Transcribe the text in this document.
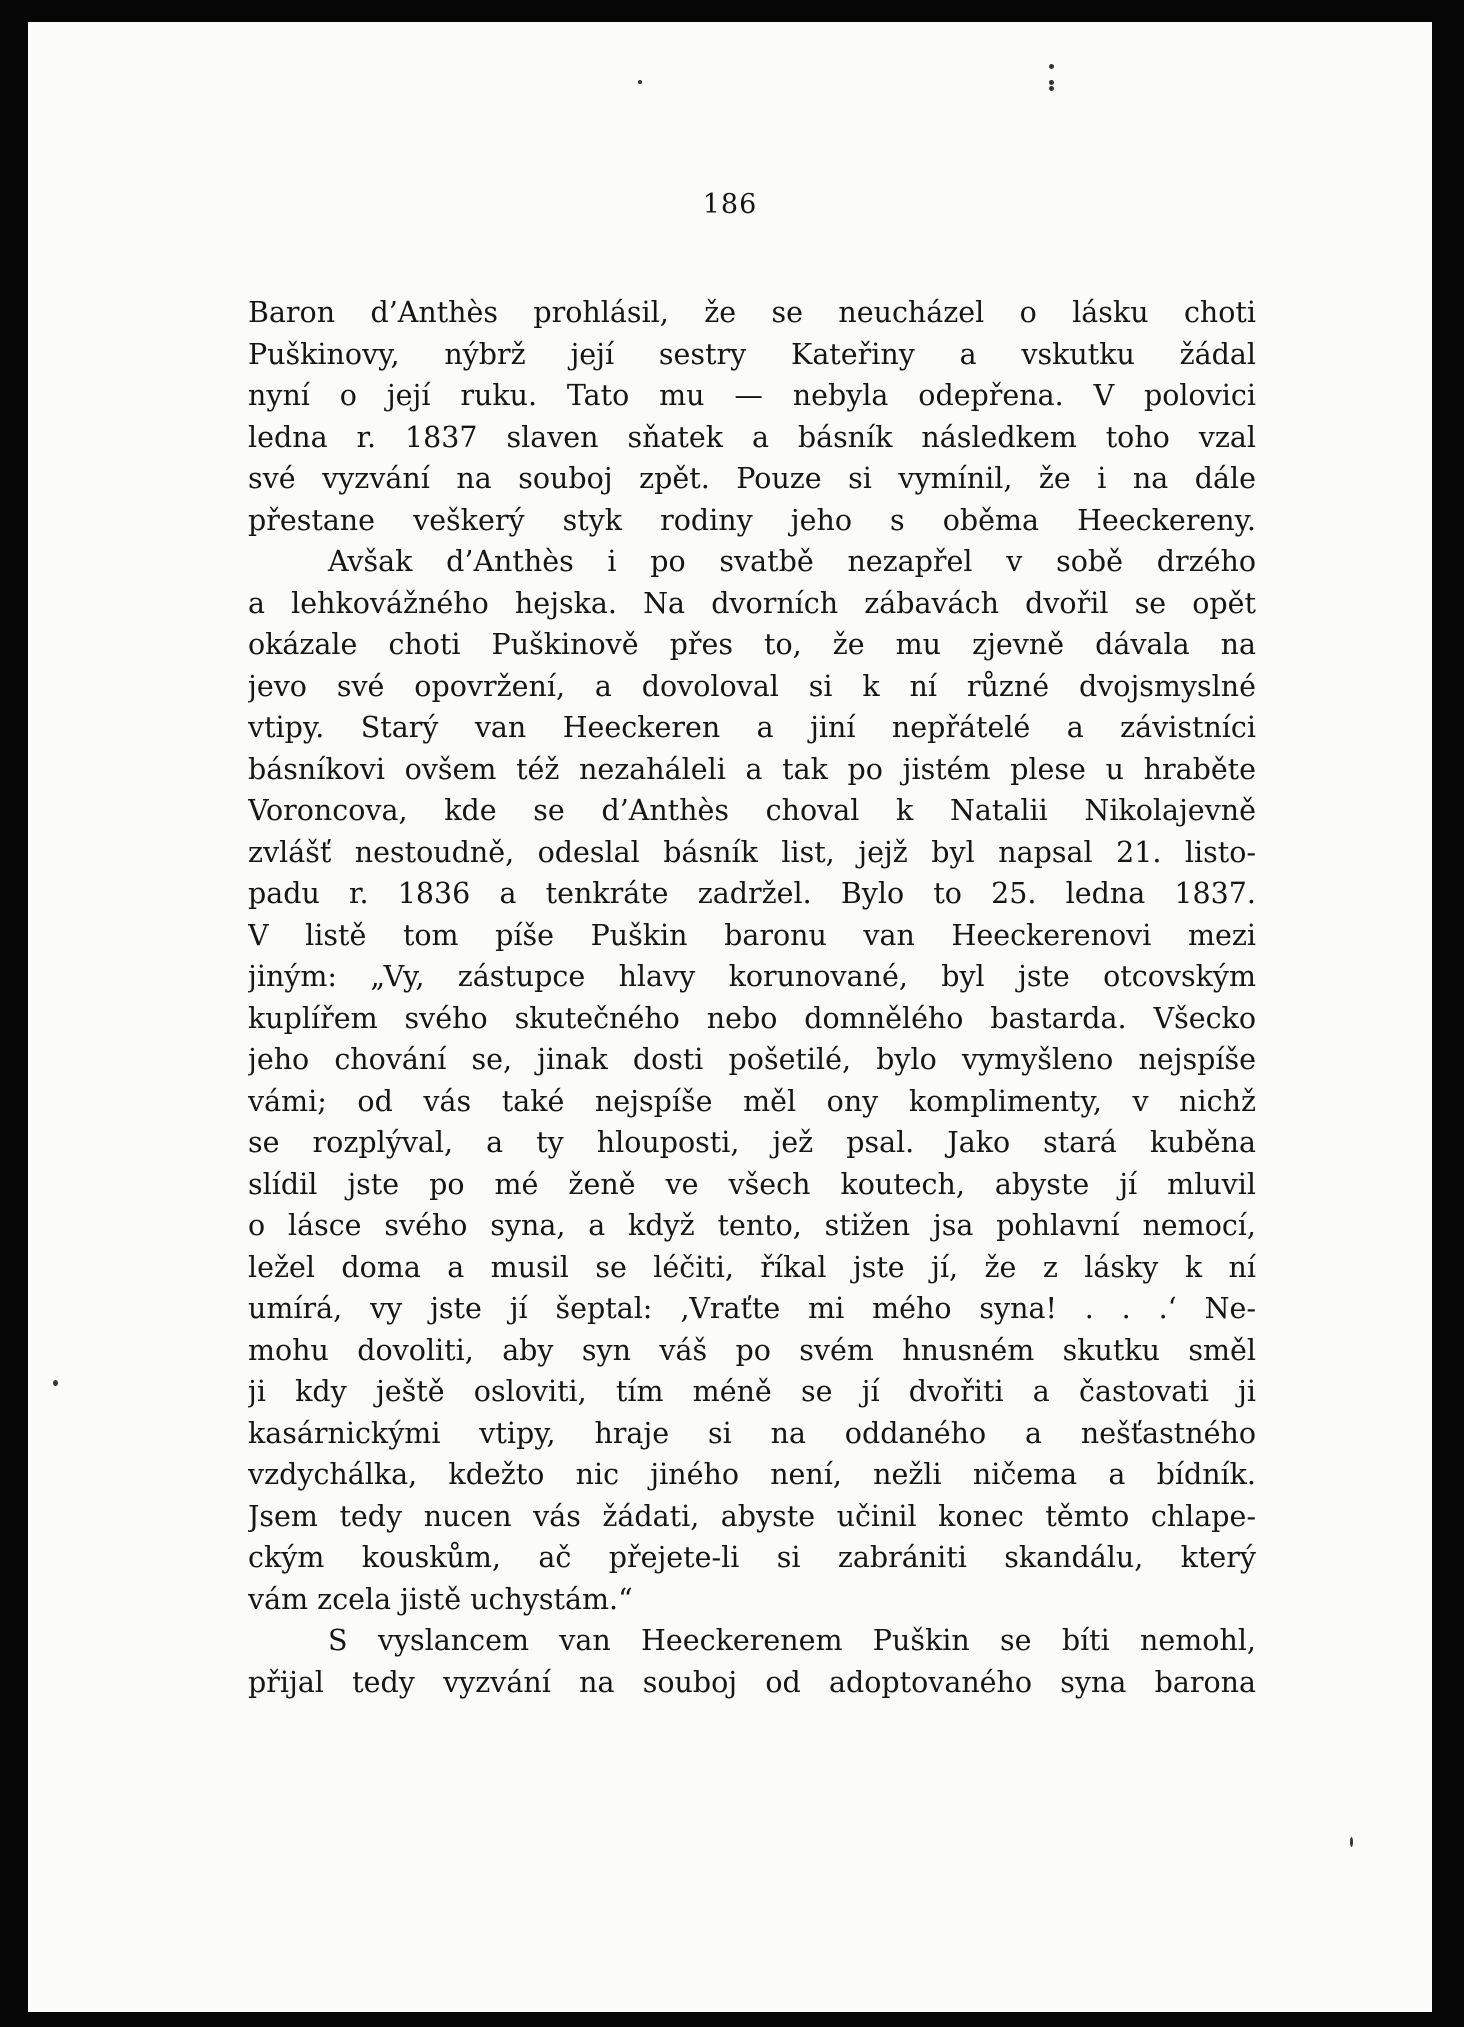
186
Baron d’Anthès prohlásil, že se neucházel o lásku choti
Puškinovy, nýbrž její sestry Kateřiny a vskutku žádal
nyní o její ruku. Tato mu — nebyla odepřena. V polovici
ledna r. 1837 slaven sňatek a básník následkem toho vzal
své vyzvání na souboj zpět. Pouze si vymínil, že i na dále
přestane veškerý styk rodiny jeho s oběma Heeckereny.
Avšak d’Anthès i po svatbě nezapřel v sobě drzého
a lehkovážného hejska. Na dvorních zábavách dvořil se opět
okázale choti Puškinově přes to, že mu zjevně dávala na
jevo své opovržení, a dovoloval si k ní různé dvojsmyslné
vtipy. Starý van Heeckeren a jiní nepřátelé a závistníci
básníkovi ovšem též nezaháleli a tak po jistém plese u hraběte
Voroncova, kde se d’Anthès choval k Natalii Nikolajevně
zvlášť nestoudně, odeslal básník list, jejž byl napsal 21. listo-
padu r. 1836 a tenkráte zadržel. Bylo to 25. ledna 1837.
V listě tom píše Puškin baronu van Heeckerenovi mezi
jiným: „Vy, zástupce hlavy korunované, byl jste otcovským
kuplířem svého skutečného nebo domnělého bastarda. Všecko
jeho chování se, jinak dosti pošetilé, bylo vymyšleno nejspíše
vámi; od vás také nejspíše měl ony komplimenty, v nichž
se rozplýval, a ty hlouposti, jež psal. Jako stará kuběna
slídil jste po mé ženě ve všech koutech, abyste jí mluvil
o lásce svého syna, a když tento, stižen jsa pohlavní nemocí,
ležel doma a musil se léčiti, říkal jste jí, že z lásky k ní
umírá, vy jste jí šeptal: ‚Vraťte mi mého syna! . . .‘ Ne-
mohu dovoliti, aby syn váš po svém hnusném skutku směl
ji kdy ještě osloviti, tím méně se jí dvořiti a častovati ji
kasárnickými vtipy, hraje si na oddaného a nešťastného
vzdychálka, kdežto nic jiného není, nežli ničema a bídník.
Jsem tedy nucen vás žádati, abyste učinil konec těmto chlape-
ckým kouskům, ač přejete-li si zabrániti skandálu, který
vám zcela jistě uchystám.“
S vyslancem van Heeckerenem Puškin se bíti nemohl,
přijal tedy vyzvání na souboj od adoptovaného syna barona
